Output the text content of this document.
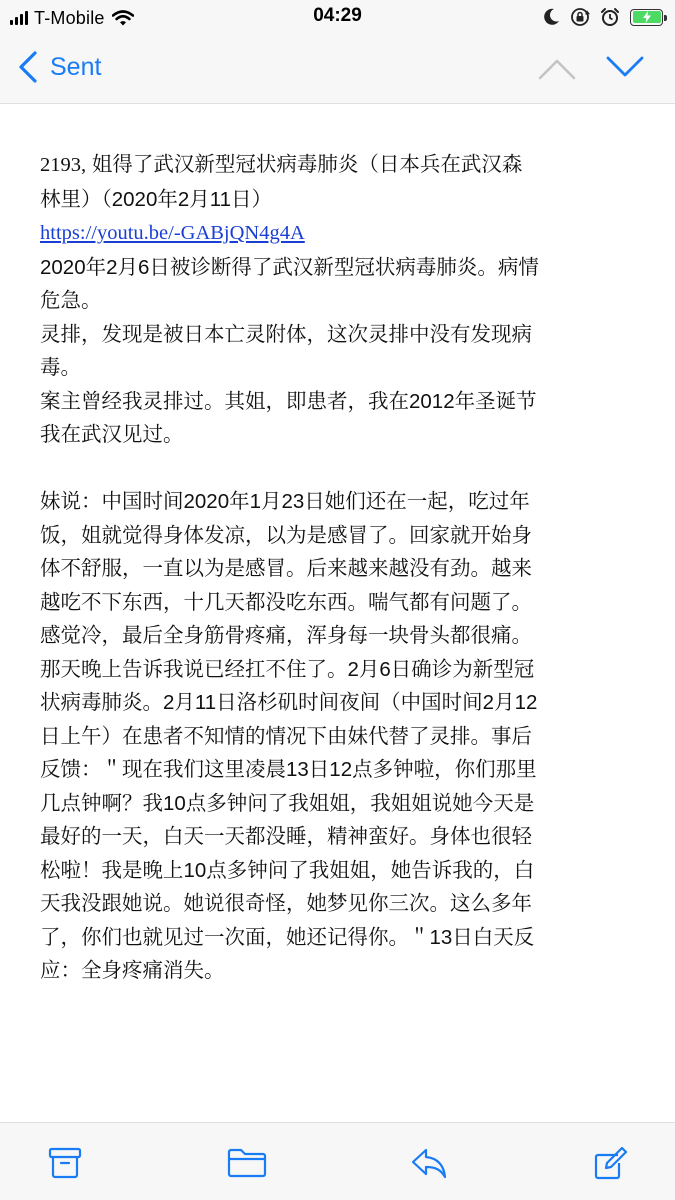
T-Mobile	04:29
Sent

2193, 姐得了武汉新型冠状病毒肺炎（日本兵在武汉森

林里）（2020年2月11日）

https://youtu.be/-GABjQN4g4A

2020年2月6日被诊断得了武汉新型冠状病毒肺炎。病情

危急。

灵排，发现是被日本亡灵附体，这次灵排中没有发现病

毒。

案主曾经我灵排过。其姐，即患者，我在2012年圣诞节

我在武汉见过。

妹说：中国时间2020年1月23日她们还在一起，吃过年

饭，姐就觉得身体发凉，以为是感冒了。回家就开始身

体不舒服，一直以为是感冒。后来越来越没有劲。越来

越吃不下东西，十几天都没吃东西。喘气都有问题了。

感觉冷，最后全身筋骨疼痛，浑身每一块骨头都很痛。

那天晚上告诉我说已经扛不住了。2月6日确诊为新型冠

状病毒肺炎。2月11日洛杉矶时间夜间（中国时间2月12

日上午）在患者不知情的情况下由妹代替了灵排。事后

反馈：＂现在我们这里凌晨13日12点多钟啦，你们那里

几点钟啊？我10点多钟问了我姐姐，我姐姐说她今天是

最好的一天，白天一天都没睡，精神蛮好。身体也很轻

松啦！我是晚上10点多钟问了我姐姐，她告诉我的，白

天我没跟她说。她说很奇怪，她梦见你三次。这么多年

了，你们也就见过一次面，她还记得你。＂13日白天反

应：全身疼痛消失。
